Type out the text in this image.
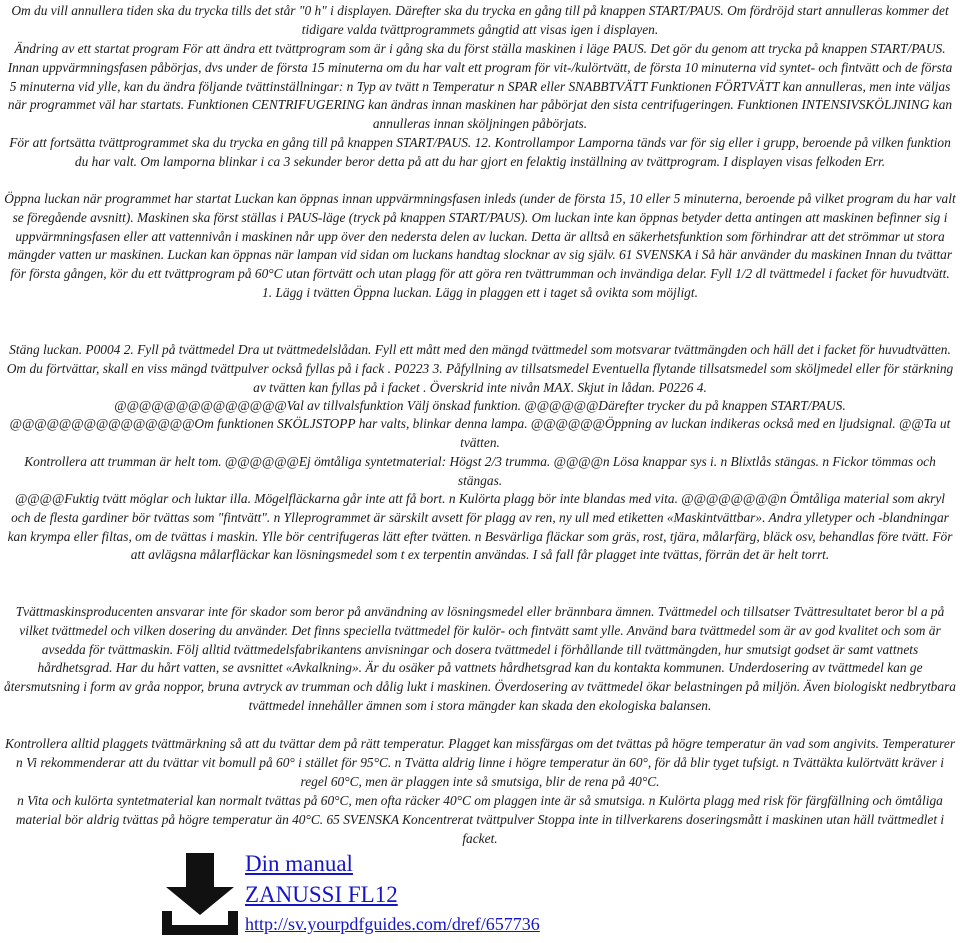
Om du vill annullera tiden ska du trycka tills det står "0 h" i displayen. Därefter ska du trycka en gång till på knappen START/PAUS. Om fördröjd start annulleras kommer det tidigare valda tvättprogrammets gångtid att visas igen i displayen.

Ändring av ett startat program För att ändra ett tvättprogram som är i gång ska du först ställa maskinen i läge PAUS. Det gör du genom att trycka på knappen START/PAUS. Innan uppvärmningsfasen påbörjas, dvs under de första 15 minuterna om du har valt ett program för vit-/kulörtvätt, de första 10 minuterna vid syntet- och fintvätt och de första 5 minuterna vid ylle, kan du ändra följande tvättinställningar: n Typ av tvätt n Temperatur n SPAR eller SNABBTVÄTT Funktionen FÖRTVÄTT kan annulleras, men inte väljas när programmet väl har startats. Funktionen CENTRIFUGERING kan ändras innan maskinen har påbörjat den sista centrifugeringen. Funktionen INTENSIVSKÖLJNING kan annulleras innan sköljningen påbörjats.

För att fortsätta tvättprogrammet ska du trycka en gång till på knappen START/PAUS. 12. Kontrollampor Lamporna tänds var för sig eller i grupp, beroende på vilken funktion du har valt. Om lamporna blinkar i ca 3 sekunder beror detta på att du har gjort en felaktig inställning av tvättprogram. I displayen visas felkoden Err.

Öppna luckan när programmet har startat Luckan kan öppnas innan uppvärmningsfasen inleds (under de första 15, 10 eller 5 minuterna, beroende på vilket program du har valt se föregående avsnitt). Maskinen ska först ställas i PAUS-läge (tryck på knappen START/PAUS). Om luckan inte kan öppnas betyder detta antingen att maskinen befinner sig i uppvärmningsfasen eller att vattennivån i maskinen når upp över den nedersta delen av luckan. Detta är alltså en säkerhetsfunktion som förhindrar att det strömmar ut stora mängder vatten ur maskinen. Luckan kan öppnas när lampan vid sidan om luckans handtag slocknar av sig själv. 61 SVENSKA i Så här använder du maskinen Innan du tvättar för första gången, kör du ett tvättprogram på 60°C utan förtvätt och utan plagg för att göra ren tvättrumman och invändiga delar. Fyll 1/2 dl tvättmedel i facket för huvudtvätt. 1. Lägg i tvätten Öppna luckan. Lägg in plaggen ett i taget så ovikta som möjligt.

Stäng luckan. P0004 2. Fyll på tvättmedel Dra ut tvättmedelslådan. Fyll ett mått med den mängd tvättmedel som motsvarar tvättmängden och häll det i facket för huvudtvätten. Om du förtvättar, skall en viss mängd tvättpulver också fyllas på i fack . P0223 3. Påfyllning av tillsatsmedel Eventuella flytande tillsatsmedel som sköljmedel eller för stärkning av tvätten kan fyllas på i facket . Överskrid inte nivån MAX. Skjut in lådan. P0226 4.

@@@@@@@@@@@@@@Val av tillvalsfunktion Välj önskad funktion. @@@@@@Därefter trycker du på knappen START/PAUS.

@@@@@@@@@@@@@@@Om funktionen SKÖLJSTOPP har valts, blinkar denna lampa. @@@@@@Öppning av luckan indikeras också med en ljudsignal. @@Ta ut tvätten.

Kontrollera att trumman är helt tom. @@@@@@Ej ömtåliga syntetmaterial: Högst 2/3 trumma. @@@@n Lösa knappar sys i. n Blixtlås stängas. n Fickor tömmas och stängas.

@@@@Fuktig tvätt möglar och luktar illa. Mögelfläckarna går inte att få bort. n Kulörta plagg bör inte blandas med vita. @@@@@@@@n Ömtåliga material som akryl och de flesta gardiner bör tvättas som "fintvätt". n Ylleprogrammet är särskilt avsett för plagg av ren, ny ull med etiketten «Maskintvättbar». Andra ylletyper och -blandningar kan krympa eller filtas, om de tvättas i maskin. Ylle bör centrifugeras lätt efter tvätten. n Besvärliga fläckar som gräs, rost, tjära, målarfärg, bläck osv, behandlas före tvätt. För att avlägsna målarfläckar kan lösningsmedel som t ex terpentin användas. I så fall får plagget inte tvättas, förrän det är helt torrt.

Tvättmaskinsproducenten ansvarar inte för skador som beror på användning av lösningsmedel eller brännbara ämnen. Tvättmedel och tillsatser Tvättresultatet beror bl a på vilket tvättmedel och vilken dosering du använder. Det finns speciella tvättmedel för kulör- och fintvätt samt ylle. Använd bara tvättmedel som är av god kvalitet och som är avsedda för tvättmaskin. Följ alltid tvättmedelsfabrikantens anvisningar och dosera tvättmedel i förhållande till tvättmängden, hur smutsigt godset är samt vattnets hårdhetsgrad. Har du hårt vatten, se avsnittet «Avkalkning». Är du osäker på vattnets hårdhetsgrad kan du kontakta kommunen. Underdosering av tvättmedel kan ge återsmutsning i form av gråa noppor, bruna avtryck av trumman och dålig lukt i maskinen. Överdosering av tvättmedel ökar belastningen på miljön. Även biologiskt nedbrytbara tvättmedel innehåller ämnen som i stora mängder kan skada den ekologiska balansen.

Kontrollera alltid plaggets tvättmärkning så att du tvättar dem på rätt temperatur. Plagget kan missfärgas om det tvättas på högre temperatur än vad som angivits. Temperaturer n Vi rekommenderar att du tvättar vit bomull på 60° i stället för 95°C. n Tvätta aldrig linne i högre temperatur än 60°, för då blir tyget tufsigt. n Tvättäkta kulörtvätt kräver i regel 60°C, men är plaggen inte så smutsiga, blir de rena på 40°C.

n Vita och kulörta syntetmaterial kan normalt tvättas på 60°C, men ofta räcker 40°C om plaggen inte är så smutsiga. n Kulörta plagg med risk för färgfällning och ömtåliga material bör aldrig tvättas på högre temperatur än 40°C. 65 SVENSKA Koncentrerat tvättpulver Stoppa inte in tillverkarens doseringsmått i maskinen utan häll tvättmedlet i facket.

Din manual
ZANUSSI FL12
http://sv.yourpdfguides.com/dref/657736
